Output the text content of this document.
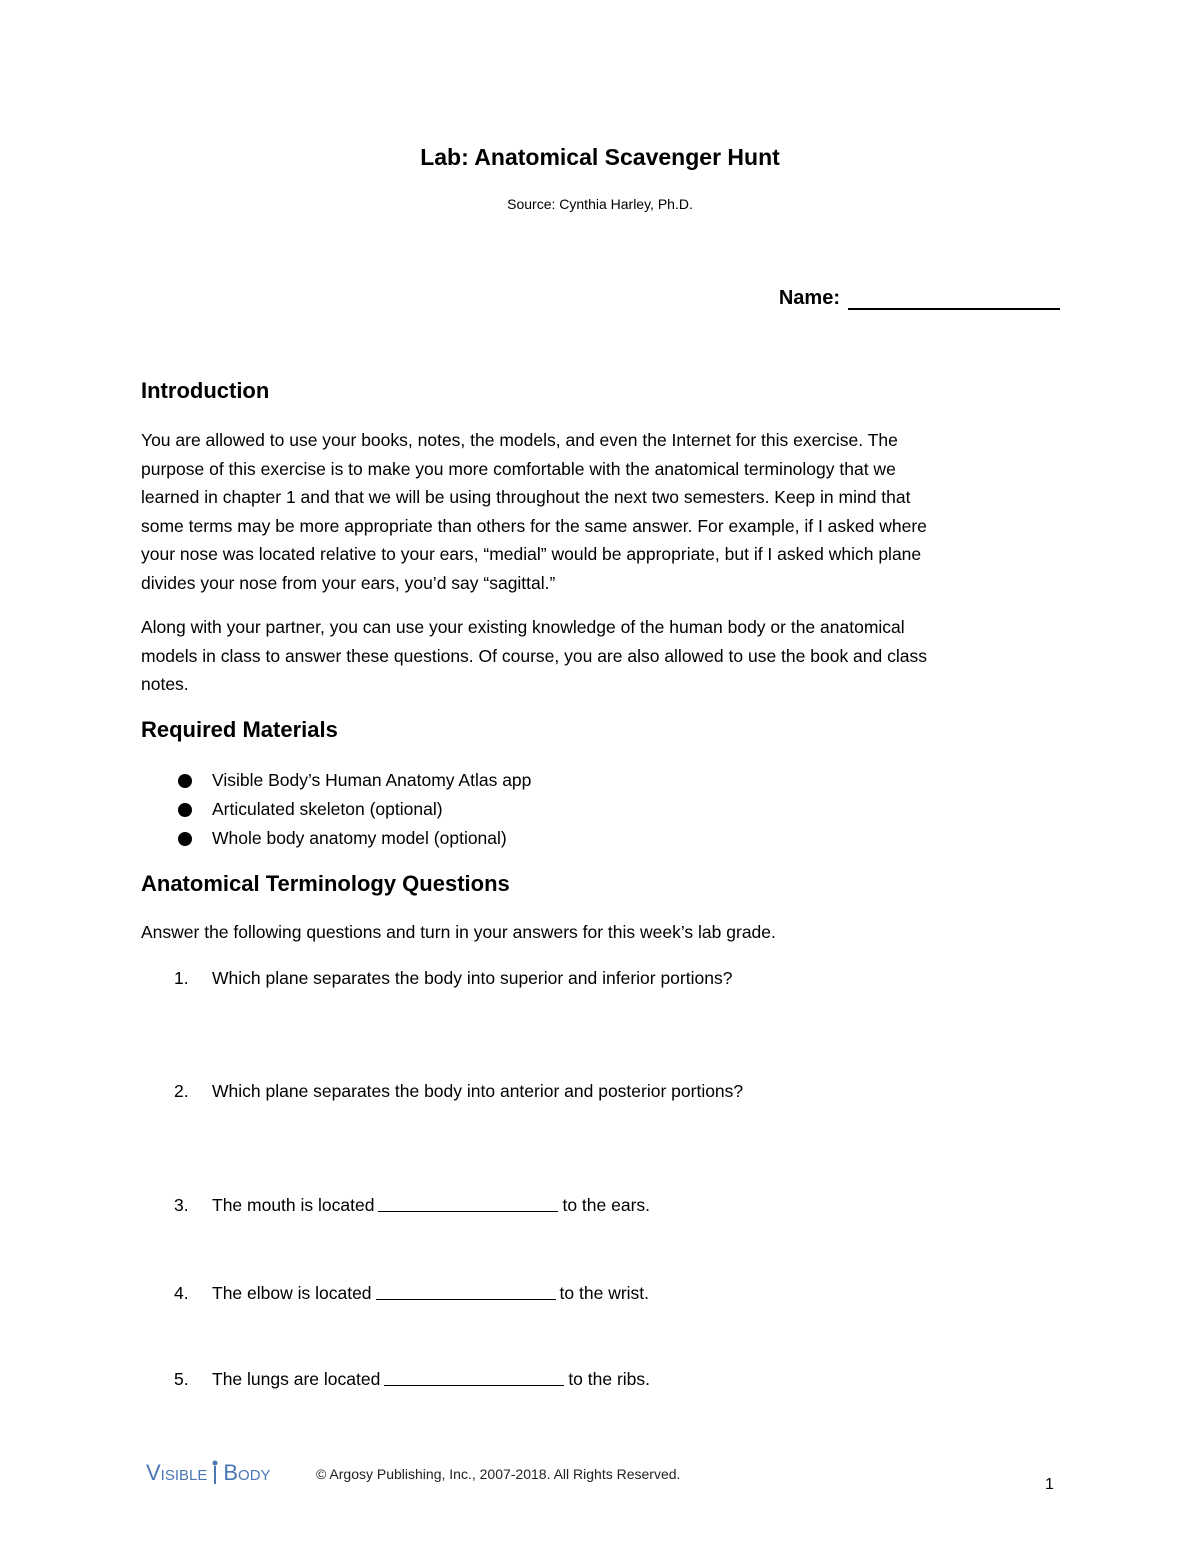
Lab: Anatomical Scavenger Hunt
Source: Cynthia Harley, Ph.D.
Name:
Introduction
You are allowed to use your books, notes, the models, and even the Internet for this exercise. The
purpose of this exercise is to make you more comfortable with the anatomical terminology that we
learned in chapter 1 and that we will be using throughout the next two semesters. Keep in mind that
some terms may be more appropriate than others for the same answer. For example, if I asked where
your nose was located relative to your ears, “medial” would be appropriate, but if I asked which plane
divides your nose from your ears, you’d say “sagittal.”
Along with your partner, you can use your existing knowledge of the human body or the anatomical
models in class to answer these questions. Of course, you are also allowed to use the book and class
notes.
Required Materials
Visible Body’s Human Anatomy Atlas app
Articulated skeleton (optional)
Whole body anatomy model (optional)
Anatomical Terminology Questions
Answer the following questions and turn in your answers for this week’s lab grade.
1.	Which plane separates the body into superior and inferior portions?
2.	Which plane separates the body into anterior and posterior portions?
3.	The mouth is located	to the ears.
4.	The elbow is located	to the wrist.
5.	The lungs are located	to the ribs.
Visible Body	© Argosy Publishing, Inc., 2007-2018. All Rights Reserved.
1
